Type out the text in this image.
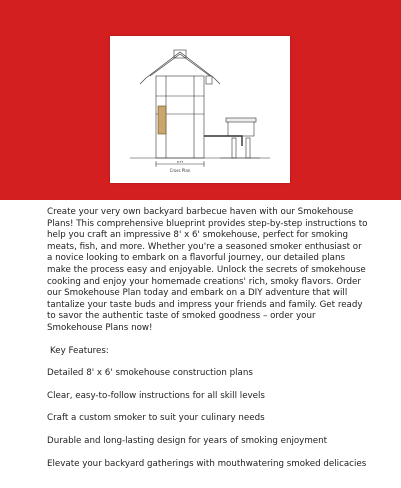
Cross Plan
8 FT

Create your very own backyard barbecue haven with our Smokehouse Plans! This comprehensive blueprint provides step-by-step instructions to help you craft an impressive 8' x 6' smokehouse, perfect for smoking meats, fish, and more. Whether you're a seasoned smoker enthusiast or a novice looking to embark on a flavorful journey, our detailed plans make the process easy and enjoyable. Unlock the secrets of smokehouse cooking and enjoy your homemade creations' rich, smoky flavors. Order our Smokehouse Plan today and embark on a DIY adventure that will tantalize your taste buds and impress your friends and family. Get ready to savor the authentic taste of smoked goodness – order your Smokehouse Plans now!

Key Features:

Detailed 8' x 6' smokehouse construction plans

Clear, easy-to-follow instructions for all skill levels

Craft a custom smoker to suit your culinary needs

Durable and long-lasting design for years of smoking enjoyment

Elevate your backyard gatherings with mouthwatering smoked delicacies
